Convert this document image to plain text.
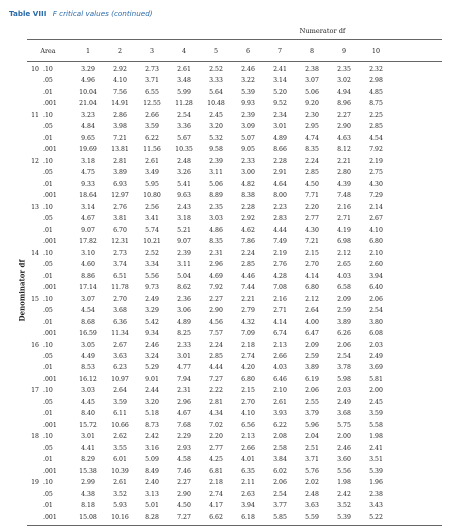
Table VIII F critical values (continued)
Numerator df
Denominator df
Area	1	2	3	4	5	6	7	8	9	10
10 .10	3.29	2.92	2.73	2.61	2.52	2.46	2.41	2.38	2.35	2.32
.05	4.96	4.10	3.71	3.48	3.33	3.22	3.14	3.07	3.02	2.98
.01	10.04	7.56	6.55	5.99	5.64	5.39	5.20	5.06	4.94	4.85
.001	21.04	14.91	12.55	11.28	10.48	9.93	9.52	9.20	8.96	8.75
11 .10	3.23	2.86	2.66	2.54	2.45	2.39	2.34	2.30	2.27	2.25
.05	4.84	3.98	3.59	3.36	3.20	3.09	3.01	2.95	2.90	2.85
.01	9.65	7.21	6.22	5.67	5.32	5.07	4.89	4.74	4.63	4.54
.001	19.69	13.81	11.56	10.35	9.58	9.05	8.66	8.35	8.12	7.92
12 .10	3.18	2.81	2.61	2.48	2.39	2.33	2.28	2.24	2.21	2.19
.05	4.75	3.89	3.49	3.26	3.11	3.00	2.91	2.85	2.80	2.75
.01	9.33	6.93	5.95	5.41	5.06	4.82	4.64	4.50	4.39	4.30
.001	18.64	12.97	10.80	9.63	8.89	8.38	8.00	7.71	7.48	7.29
13 .10	3.14	2.76	2.56	2.43	2.35	2.28	2.23	2.20	2.16	2.14
.05	4.67	3.81	3.41	3.18	3.03	2.92	2.83	2.77	2.71	2.67
.01	9.07	6.70	5.74	5.21	4.86	4.62	4.44	4.30	4.19	4.10
.001	17.82	12.31	10.21	9.07	8.35	7.86	7.49	7.21	6.98	6.80
14 .10	3.10	2.73	2.52	2.39	2.31	2.24	2.19	2.15	2.12	2.10
.05	4.60	3.74	3.34	3.11	2.96	2.85	2.76	2.70	2.65	2.60
.01	8.86	6.51	5.56	5.04	4.69	4.46	4.28	4.14	4.03	3.94
.001	17.14	11.78	9.73	8.62	7.92	7.44	7.08	6.80	6.58	6.40
15 .10	3.07	2.70	2.49	2.36	2.27	2.21	2.16	2.12	2.09	2.06
.05	4.54	3.68	3.29	3.06	2.90	2.79	2.71	2.64	2.59	2.54
.01	8.68	6.36	5.42	4.89	4.56	4.32	4.14	4.00	3.89	3.80
.001	16.59	11.34	9.34	8.25	7.57	7.09	6.74	6.47	6.26	6.08
16 .10	3.05	2.67	2.46	2.33	2.24	2.18	2.13	2.09	2.06	2.03
.05	4.49	3.63	3.24	3.01	2.85	2.74	2.66	2.59	2.54	2.49
.01	8.53	6.23	5.29	4.77	4.44	4.20	4.03	3.89	3.78	3.69
.001	16.12	10.97	9.01	7.94	7.27	6.80	6.46	6.19	5.98	5.81
17 .10	3.03	2.64	2.44	2.31	2.22	2.15	2.10	2.06	2.03	2.00
.05	4.45	3.59	3.20	2.96	2.81	2.70	2.61	2.55	2.49	2.45
.01	8.40	6.11	5.18	4.67	4.34	4.10	3.93	3.79	3.68	3.59
.001	15.72	10.66	8.73	7.68	7.02	6.56	6.22	5.96	5.75	5.58
18 .10	3.01	2.62	2.42	2.29	2.20	2.13	2.08	2.04	2.00	1.98
.05	4.41	3.55	3.16	2.93	2.77	2.66	2.58	2.51	2.46	2.41
.01	8.29	6.01	5.09	4.58	4.25	4.01	3.84	3.71	3.60	3.51
.001	15.38	10.39	8.49	7.46	6.81	6.35	6.02	5.76	5.56	5.39
19 .10	2.99	2.61	2.40	2.27	2.18	2.11	2.06	2.02	1.98	1.96
.05	4.38	3.52	3.13	2.90	2.74	2.63	2.54	2.48	2.42	2.38
.01	8.18	5.93	5.01	4.50	4.17	3.94	3.77	3.63	3.52	3.43
.001	15.08	10.16	8.28	7.27	6.62	6.18	5.85	5.59	5.39	5.22
